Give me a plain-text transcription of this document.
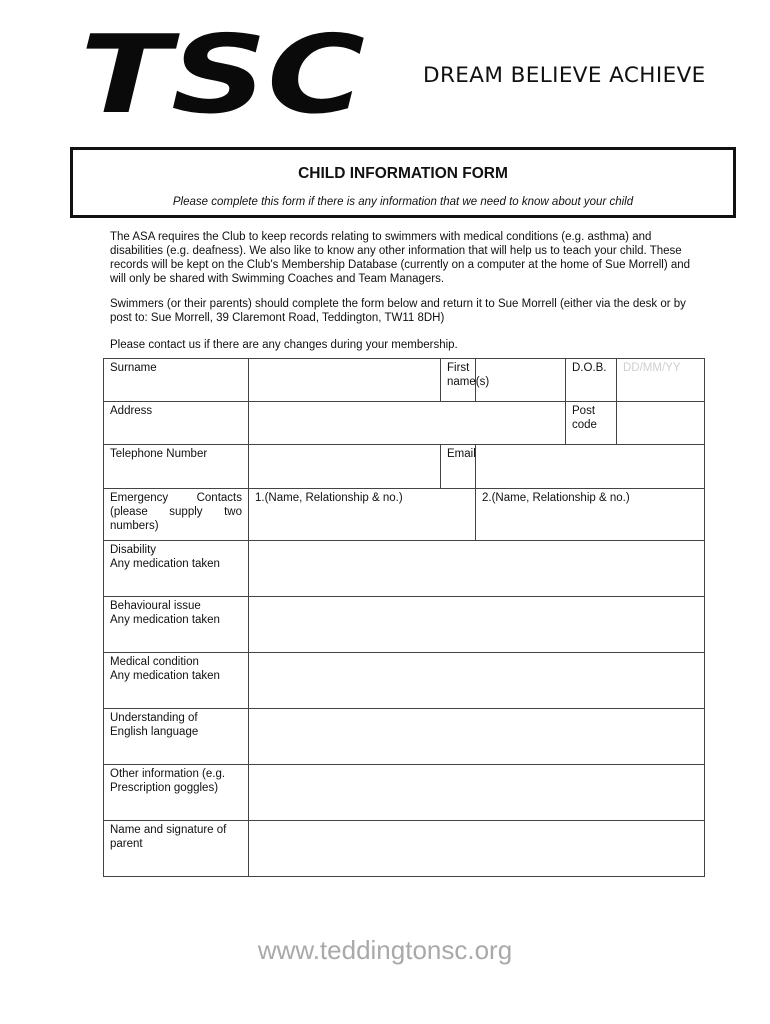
TSC	DREAM BELIEVE ACHIEVE
CHILD INFORMATION FORM
Please complete this form if there is any information that we need to know about your child

The ASA requires the Club to keep records relating to swimmers with medical conditions (e.g. asthma) and disabilities (e.g. deafness). We also like to know any other information that will help us to teach your child. These records will be kept on the Club's Membership Database (currently on a computer at the home of Sue Morrell) and will only be shared with Swimming Coaches and Team Managers.

Swimmers (or their parents) should complete the form below and return it to Sue Morrell (either via the desk or by post to: Sue Morrell, 39 Claremont Road, Teddington, TW11 8DH)

Please contact us if there are any changes during your membership.

Surname		First name(s)		D.O.B.	DD/MM/YY
Address				Post code	
Telephone Number		Email			

Emergency Contacts
(please supply two
numbers)	1.(Name, Relationship & no.)		2.(Name, Relationship & no.)		

Disability
Any medication taken					

Behavioural issue
Any medication taken					

Medical condition
Any medication taken					

Understanding of
English language					

Other information (e.g.
Prescription goggles)					

Name and signature of
parent					

www.teddingtonsc.org
